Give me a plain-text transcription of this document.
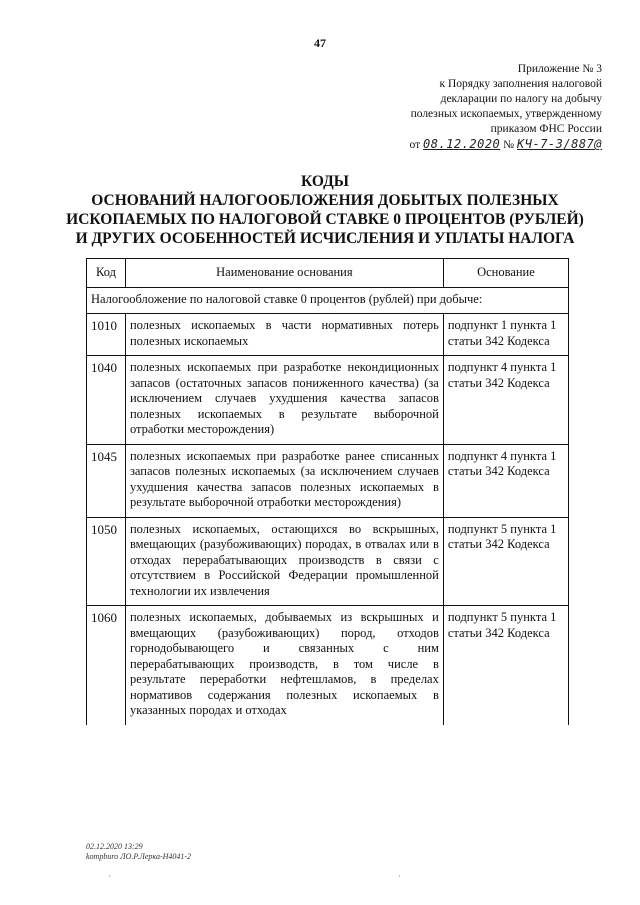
47
Приложение № 3
к Порядку заполнения налоговой
декларации по налогу на добычу
полезных ископаемых, утвержденному
приказом ФНС России
от 08.12.2020 № КЧ-7-3/887@
КОДЫ
ОСНОВАНИЙ НАЛОГООБЛОЖЕНИЯ ДОБЫТЫХ ПОЛЕЗНЫХ
ИСКОПАЕМЫХ ПО НАЛОГОВОЙ СТАВКЕ 0 ПРОЦЕНТОВ (РУБЛЕЙ)
И ДРУГИХ ОСОБЕННОСТЕЙ ИСЧИСЛЕНИЯ И УПЛАТЫ НАЛОГА
Код	Наименование основания	Основание
Налогообложение по налоговой ставке 0 процентов (рублей) при добыче:		
1010	полезных ископаемых в части нормативных потерь полезных ископаемых	подпункт 1 пункта 1 статьи 342 Кодекса
1040	полезных ископаемых при разработке некондиционных запасов (остаточных запасов пониженного качества) (за исключением случаев ухудшения качества запасов полезных ископаемых в результате выборочной отработки месторождения)	подпункт 4 пункта 1 статьи 342 Кодекса
1045	полезных ископаемых при разработке ранее списанных запасов полезных ископаемых (за исключением случаев ухудшения качества запасов полезных ископаемых в результате выборочной отработки месторождения)	подпункт 4 пункта 1 статьи 342 Кодекса
1050	полезных ископаемых, остающихся во вскрышных, вмещающих (разубоживающих) породах, в отвалах или в отходах перерабатывающих производств в связи с отсутствием в Российской Федерации промышленной технологии их извлечения	подпункт 5 пункта 1 статьи 342 Кодекса
1060	полезных ископаемых, добываемых из вскрышных и вмещающих (разубоживающих) пород, отходов горнодобывающего и связанных с ним перерабатывающих производств, в том числе в результате переработки нефтешламов, в пределах нормативов содержания полезных ископаемых в указанных породах и отходах	подпункт 5 пункта 1 статьи 342 Кодекса
02.12.2020 13:29
kompburo ЛО.Р.Лерка-Н4041-2
·	·
